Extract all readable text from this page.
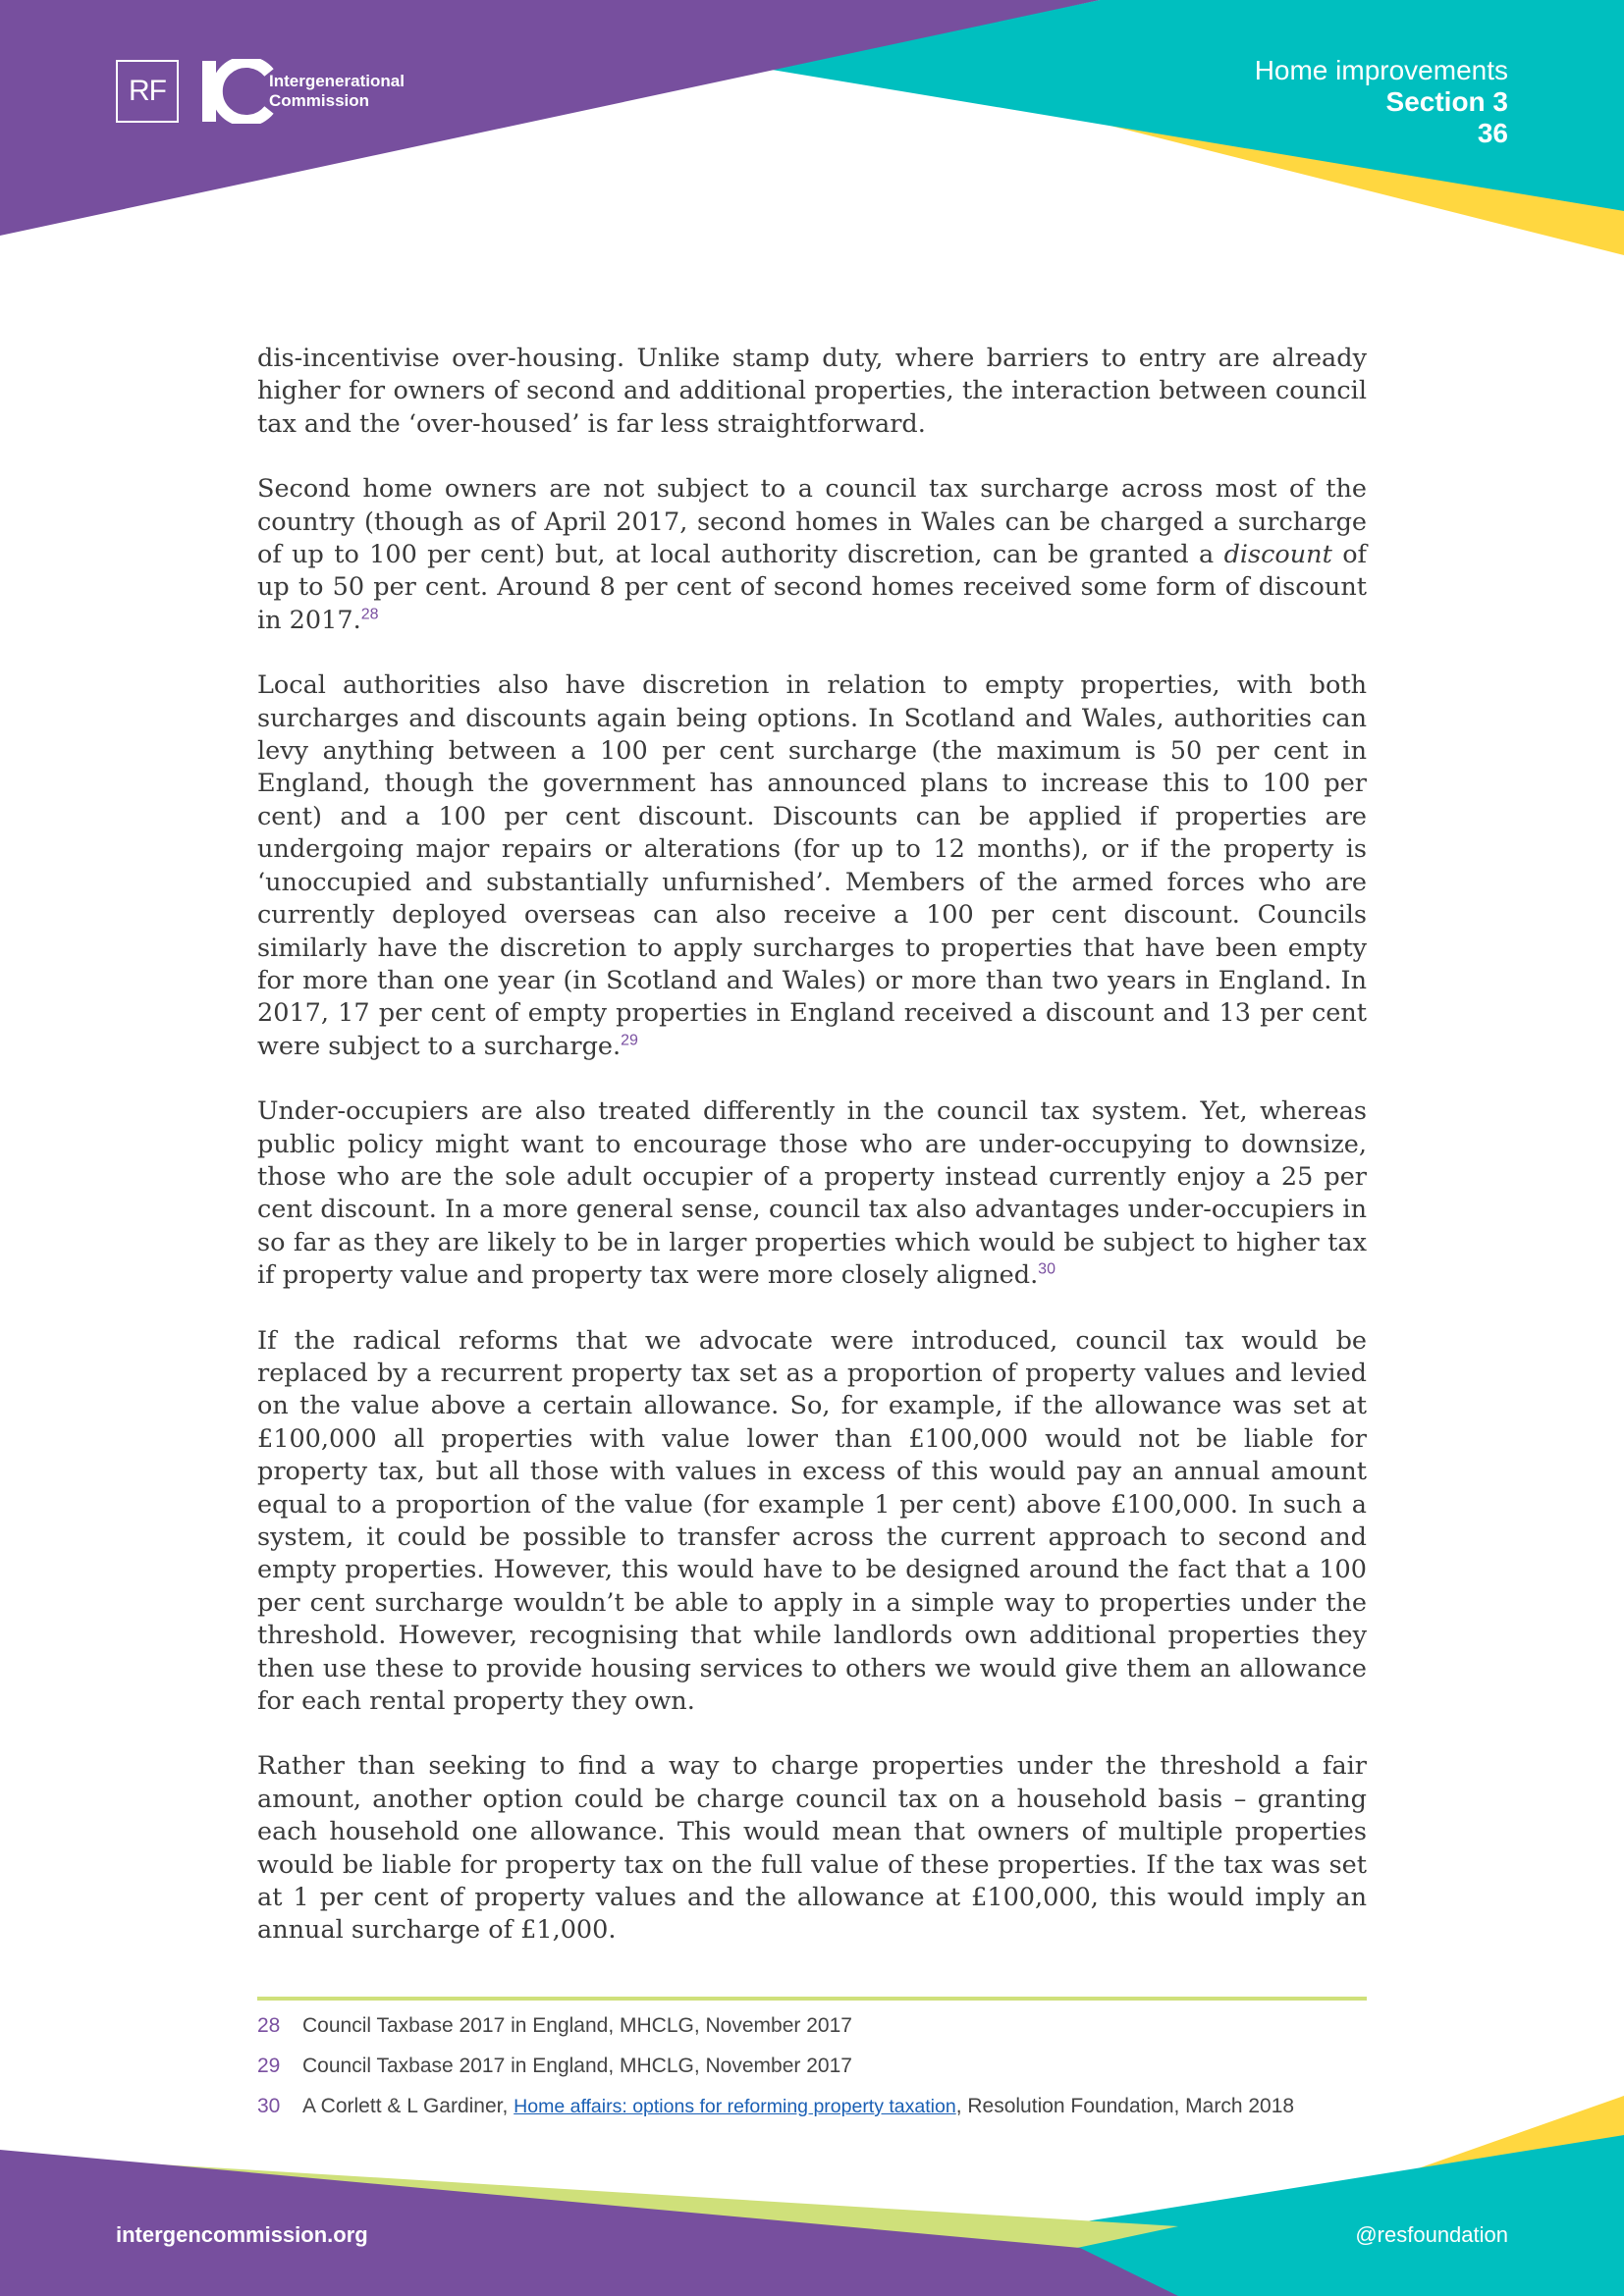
RF	Intergenerational
Commission
Home improvements
Section 3
36

dis-incentivise over-housing. Unlike stamp duty, where barriers to entry are already higher for owners of second and additional properties, the interaction between council tax and the ‘over-housed’ is far less straightforward.

Second home owners are not subject to a council tax surcharge across most of the country (though as of April 2017, second homes in Wales can be charged a surcharge of up to 100 per cent) but, at local authority discretion, can be granted a discount of up to 50 per cent. Around 8 per cent of second homes received some form of discount in 2017.28

Local authorities also have discretion in relation to empty properties, with both surcharges and discounts again being options. In Scotland and Wales, authorities can levy anything between a 100 per cent surcharge (the maximum is 50 per cent in England, though the government has announced plans to increase this to 100 per cent) and a 100 per cent discount. Discounts can be applied if properties are undergoing major repairs or alterations (for up to 12 months), or if the property is ‘unoccupied and substantially unfurnished’. Members of the armed forces who are currently deployed overseas can also receive a 100 per cent discount. Councils similarly have the discretion to apply surcharges to properties that have been empty for more than one year (in Scotland and Wales) or more than two years in England. In 2017, 17 per cent of empty properties in England received a discount and 13 per cent were subject to a surcharge.$^{29}$

Under-occupiers are also treated differently in the council tax system. Yet, whereas public policy might want to encourage those who are under-occupying to downsize, those who are the sole adult occupier of a property instead currently enjoy a 25 per cent discount. In a more general sense, council tax also advantages under-occupiers in so far as they are likely to be in larger properties which would be subject to higher tax if property value and property tax were more closely aligned.$^{30}$

If the radical reforms that we advocate were introduced, council tax would be replaced by a recurrent property tax set as a proportion of property values and levied on the value above a certain allowance. So, for example, if the allowance was set at £100,000 all properties with value lower than £100,000 would not be liable for property tax, but all those with values in excess of this would pay an annual amount equal to a proportion of the value (for example 1 per cent) above £100,000. In such a system, it could be possible to transfer across the current approach to second and empty properties. However, this would have to be designed around the fact that a 100 per cent surcharge wouldn’t be able to apply in a simple way to properties under the threshold. However, recognising that while landlords own additional properties they then use these to provide housing services to others we would give them an allowance for each rental property they own.

Rather than seeking to find a way to charge properties under the threshold a fair amount, another option could be charge council tax on a household basis – granting each household one allowance. This would mean that owners of multiple properties would be liable for property tax on the full value of these properties. If the tax was set at 1 per cent of property values and the allowance at £100,000, this would imply an annual surcharge of £1,000.

28	Council Taxbase 2017 in England, MHCLG, November 2017
29	Council Taxbase 2017 in England, MHCLG, November 2017
30	A Corlett & L Gardiner, Home affairs: options for reforming property taxation, Resolution Foundation, March 2018
intergencommission.org	@resfoundation
